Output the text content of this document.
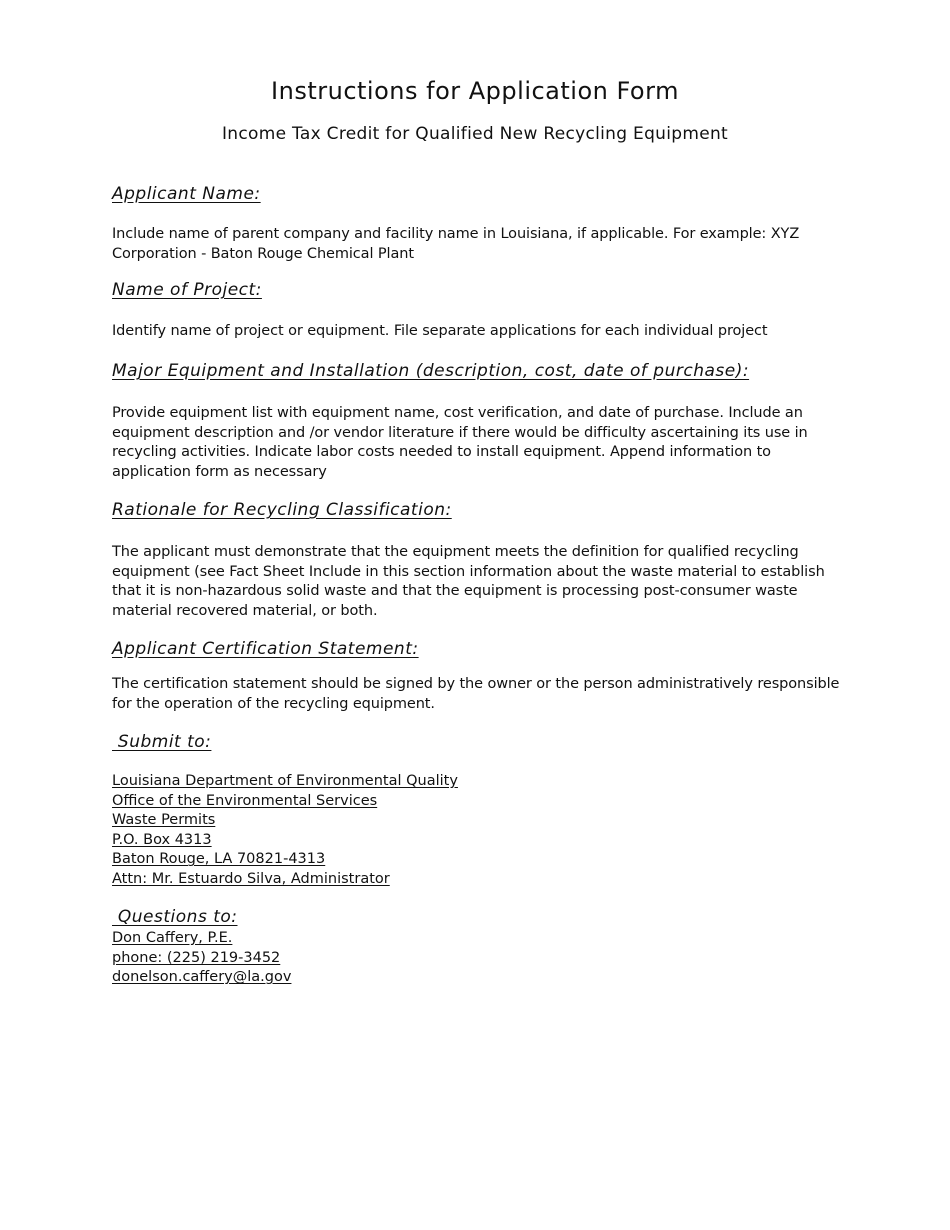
Instructions for Application Form
Income Tax Credit for Qualified New Recycling Equipment
Applicant Name:
Include name of parent company and facility name in Louisiana, if applicable. For example: XYZ Corporation - Baton Rouge Chemical Plant
Name of Project:
Identify name of project or equipment. File separate applications for each individual project
Major Equipment and Installation (description, cost, date of purchase):
Provide equipment list with equipment name, cost verification, and date of purchase. Include an equipment description and /or vendor literature if there would be difficulty ascertaining its use in recycling activities. Indicate labor costs needed to install equipment. Append information to application form as necessary
Rationale for Recycling Classification:
The applicant must demonstrate that the equipment meets the definition for qualified recycling equipment (see Fact Sheet Include in this section information about the waste material to establish that it is non-hazardous solid waste and that the equipment is processing post-consumer waste material recovered material, or both.
Applicant Certification Statement:
The certification statement should be signed by the owner or the person administratively responsible for the operation of the recycling equipment.
Submit to:
Louisiana Department of Environmental Quality
Office of the Environmental Services
Waste Permits
P.O. Box 4313
Baton Rouge, LA 70821-4313
Attn: Mr. Estuardo Silva, Administrator
Questions to:
Don Caffery, P.E.
phone: (225) 219-3452
donelson.caffery@la.gov
